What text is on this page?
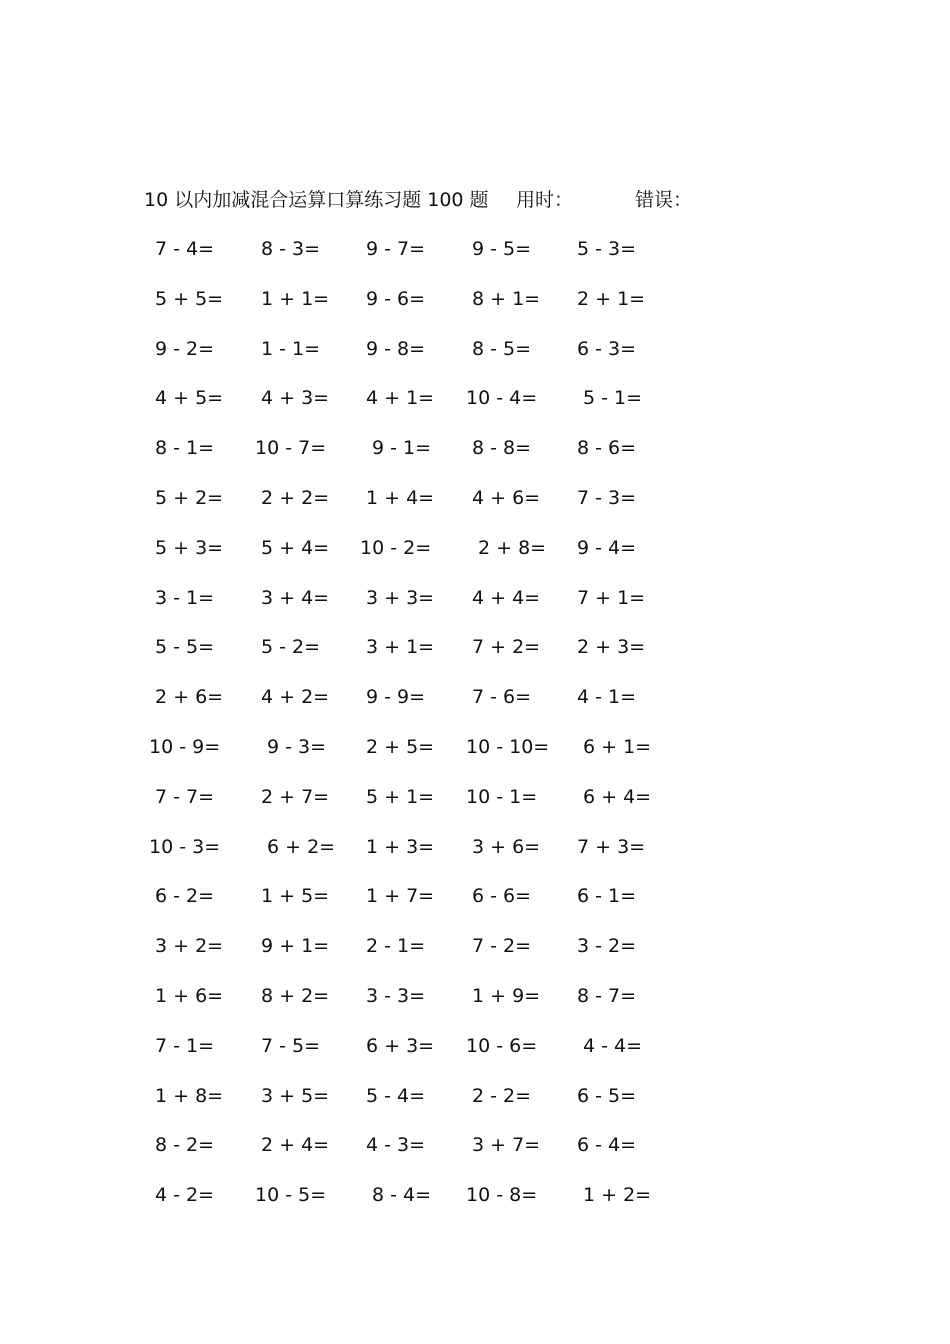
10 以内加减混合运算口算练习题 100 题 用时：	错误：
7 - 4= 8 - 3= 9 - 7= 9 - 5= 5 - 3=
5 + 5= 1 + 1= 9 - 6= 8 + 1= 2 + 1=
9 - 2= 1 - 1= 9 - 8= 8 - 5= 6 - 3=
4 + 5= 4 + 3= 4 + 1= 10 - 4= 5 - 1=
8 - 1= 10 - 7= 9 - 1= 8 - 8= 8 - 6=
5 + 2= 2 + 2= 1 + 4= 4 + 6= 7 - 3=
5 + 3= 5 + 4= 10 - 2= 2 + 8= 9 - 4=
3 - 1= 3 + 4= 3 + 3= 4 + 4= 7 + 1=
5 - 5= 5 - 2= 3 + 1= 7 + 2= 2 + 3=
2 + 6= 4 + 2= 9 - 9= 7 - 6= 4 - 1=
10 - 9= 9 - 3= 2 + 5= 10 - 10= 6 + 1=
7 - 7= 2 + 7= 5 + 1= 10 - 1= 6 + 4=
10 - 3= 6 + 2= 1 + 3= 3 + 6= 7 + 3=
6 - 2= 1 + 5= 1 + 7= 6 - 6= 6 - 1=
3 + 2= 9 + 1= 2 - 1= 7 - 2= 3 - 2=
1 + 6= 8 + 2= 3 - 3= 1 + 9= 8 - 7=
7 - 1= 7 - 5= 6 + 3= 10 - 6= 4 - 4=
1 + 8= 3 + 5= 5 - 4= 2 - 2= 6 - 5=
8 - 2= 2 + 4= 4 - 3= 3 + 7= 6 - 4=
4 - 2= 10 - 5= 8 - 4= 10 - 8= 1 + 2=
